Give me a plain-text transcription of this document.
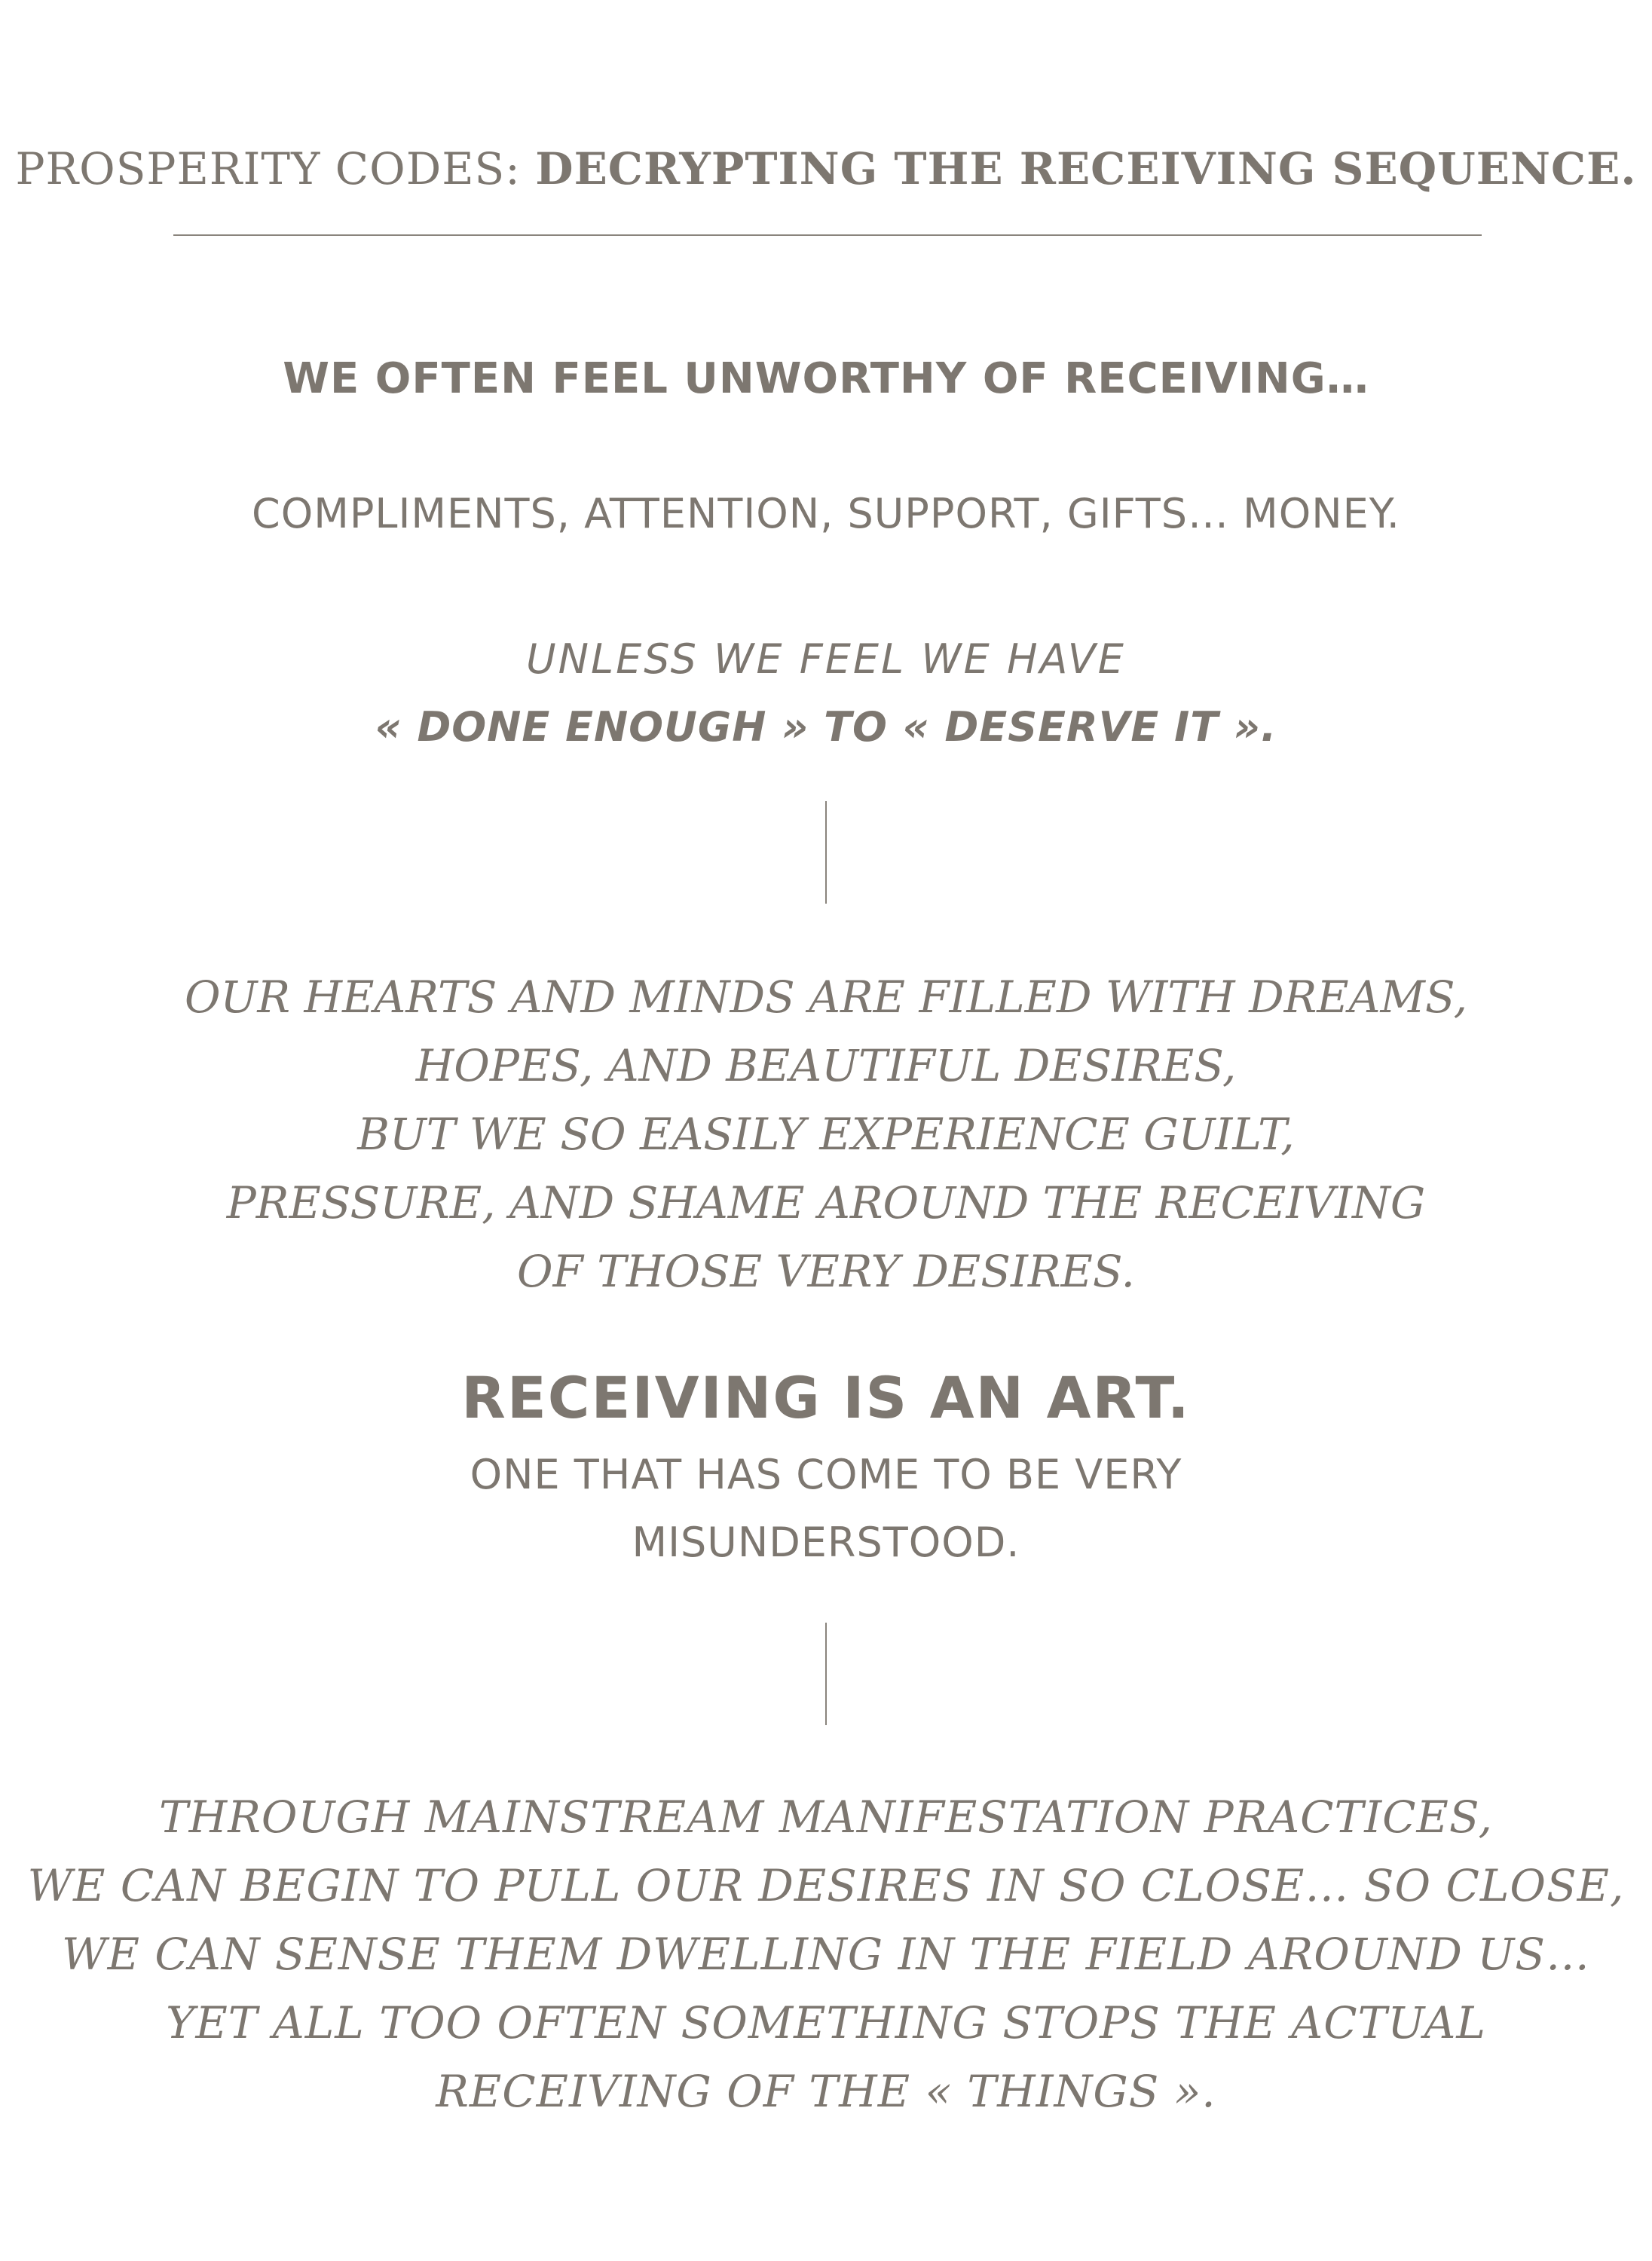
PROSPERITY CODES: DECRYPTING THE RECEIVING SEQUENCE.
WE OFTEN FEEL UNWORTHY OF RECEIVING…
COMPLIMENTS, ATTENTION, SUPPORT, GIFTS… MONEY.
UNLESS WE FEEL WE HAVE
« DONE ENOUGH » TO « DESERVE IT ».
OUR HEARTS AND MINDS ARE FILLED WITH DREAMS,
HOPES, AND BEAUTIFUL DESIRES,
BUT WE SO EASILY EXPERIENCE GUILT,
PRESSURE, AND SHAME AROUND THE RECEIVING
OF THOSE VERY DESIRES.
RECEIVING IS AN ART.
ONE THAT HAS COME TO BE VERY
MISUNDERSTOOD.
THROUGH MAINSTREAM MANIFESTATION PRACTICES,
WE CAN BEGIN TO PULL OUR DESIRES IN SO CLOSE… SO CLOSE,
WE CAN SENSE THEM DWELLING IN THE FIELD AROUND US…
YET ALL TOO OFTEN SOMETHING STOPS THE ACTUAL
RECEIVING OF THE « THINGS ».
